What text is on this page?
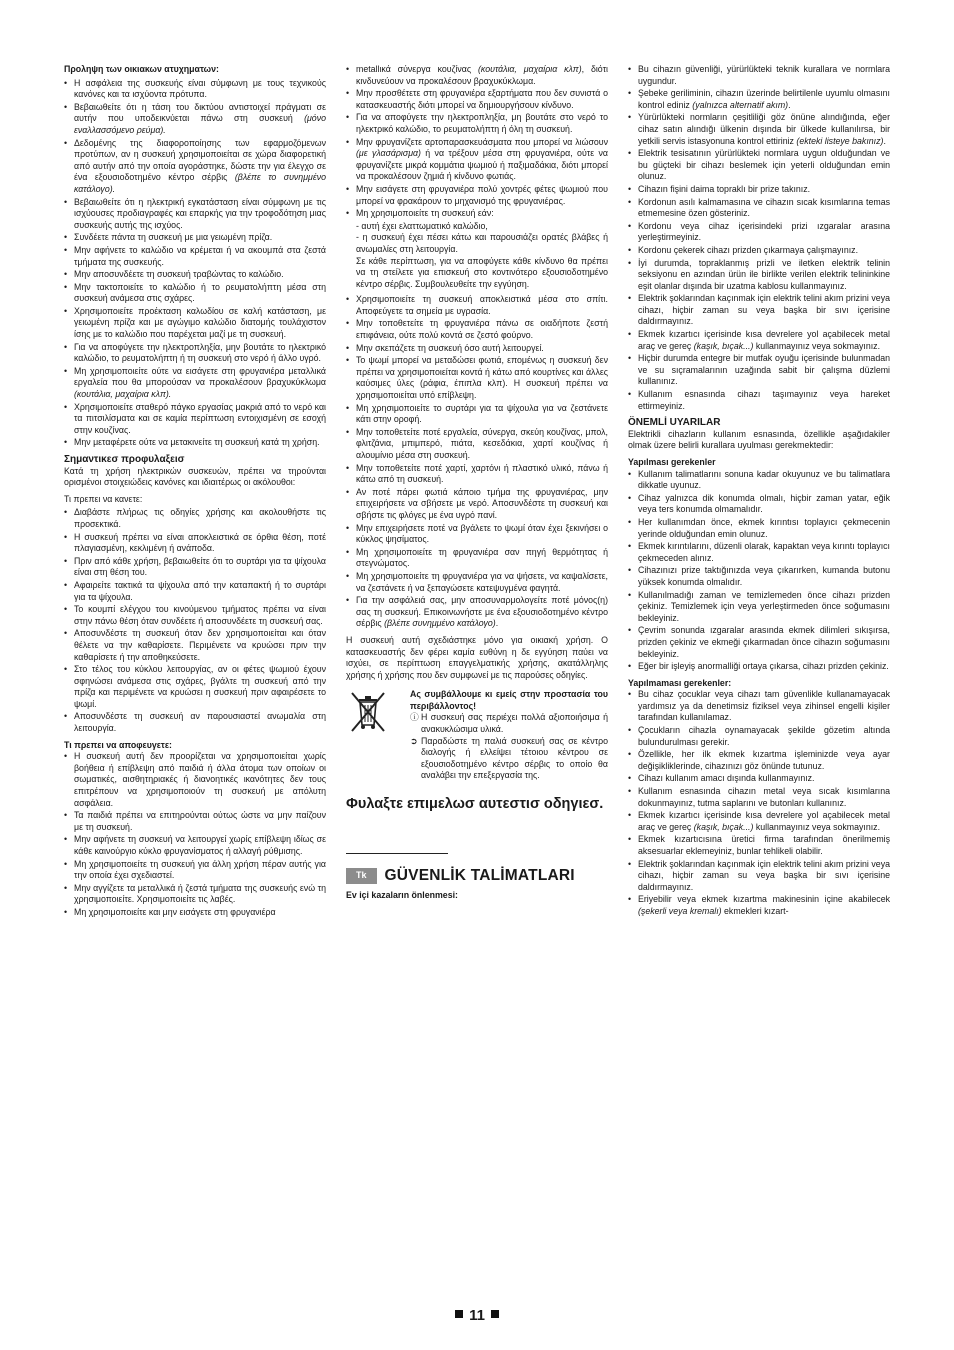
Προληψη των οικιακων ατυχηματων:
• Η ασφάλεια της συσκευής είναι σύμφωνη με τους τεχνικούς κανόνες και τα ισχύοντα πρότυπα.
• Βεβαιωθείτε ότι η τάση του δικτύου αντιστοιχεί πράγματι σε αυτήν που υποδεικνύεται πάνω στη συσκευή (μόνο εναλλασσόμενο ρεύμα).
• Δεδομένης της διαφοροποίησης των εφαρμοζόμενων προτύπων, αν η συσκευή χρησιμοποιείται σε χώρα διαφορετική από αυτήν από την οποία αγοράστηκε, δώστε την για έλεγχο σε ένα εξουσιοδοτημένο κέντρο σέρβις (βλέπε το συνημμένο κατάλογο).
• Βεβαιωθείτε ότι η ηλεκτρική εγκατάσταση είναι σύμφωνη με τις ισχύουσες προδιαγραφές και επαρκής για την τροφοδότηση μιας συσκευής αυτής της ισχύος.
• Συνδέετε πάντα τη συσκευή με μια γειωμένη πρίζα.
• Μην αφήνετε το καλώδιο να κρέμεται ή να ακουμπά στα ζεστά τμήματα της συσκευής.
• Μην αποσυνδέετε τη συσκευή τραβώντας το καλώδιο.
• Μην τακτοποιείτε το καλώδιο ή το ρευματολήπτη μέσα στη συσκευή ανάμεσα στις σχάρες.
• Χρησιμοποιείτε προέκταση καλωδίου σε καλή κατάσταση, με γειωμένη πρίζα και με αγώγιμο καλώδιο διατομής τουλάχιστον ίσης με το καλώδιο που παρέχεται μαζί με τη συσκευή.
• Για να αποφύγετε την ηλεκτροπληξία, μην βουτάτε το ηλεκτρικό καλώδιο, το ρευματολήπτη ή τη συσκευή στο νερό ή άλλο υγρό.
• Μη χρησιμοποιείτε ούτε να εισάγετε στη φρυγανιέρα μεταλλικά εργαλεία που θα μπορούσαν να προκαλέσουν βραχυκύκλωμα (κουτάλια, μαχαίρια κλπ).
• Χρησιμοποιείτε σταθερό πάγκο εργασίας μακριά από το νερό και τα πιτσιλίσματα και σε καμία περίπτωση εντοιχισμένη σε εσοχή στην κουζίνας.
• Μην μεταφέρετε ούτε να μετακινείτε τη συσκευή κατά τη χρήση.
Σημαντικεσ προφυλαξεισ

Κατά τη χρήση ηλεκτρικών συσκευών, πρέπει να τηρούνται ορισμένοι στοιχειώδεις κανόνες και ιδιαιτέρως οι ακόλουθοι:

Τι πρεπει να κανετε:

• Διαβάστε πλήρως τις οδηγίες χρήσης και ακολουθήστε τις προσεκτικά.
• Η συσκευή πρέπει να είναι αποκλειστικά σε όρθια θέση, ποτέ πλαγιασμένη, κεκλιμένη ή ανάποδα.
• Πριν από κάθε χρήση, βεβαιωθείτε ότι το συρτάρι για τα ψίχουλα είναι στη θέση του.
• Αφαιρείτε τακτικά τα ψίχουλα από την καταπακτή ή το συρτάρι για τα ψίχουλα.
• Το κουμπί ελέγχου του κινούμενου τμήματος πρέπει να είναι στην πάνω θέση όταν συνδέετε ή αποσυνδέετε τη συσκευή σας.
• Αποσυνδέστε τη συσκευή όταν δεν χρησιμοποιείται και όταν θέλετε να την καθαρίσετε. Περιμένετε να κρυώσει πριν την καθαρίσετε ή την αποθηκεύσετε.
• Στο τέλος του κύκλου λειτουργίας, αν οι φέτες ψωμιού έχουν σφηνώσει ανάμεσα στις σχάρες, βγάλτε τη συσκευή από την πρίζα και περιμένετε να κρυώσει η συσκευή πριν αφαιρέσετε το ψωμί.
• Αποσυνδέστε τη συσκευή αν παρουσιαστεί ανωμαλία στη λειτουργία.
Τι πρεπει να αποφευγετε:
• Η συσκευή αυτή δεν προορίζεται να χρησιμοποιείται χωρίς βοήθεια ή επίβλεψη από παιδιά ή άλλα άτομα των οποίων οι σωματικές, αισθητηριακές ή διανοητικές ικανότητες δεν τους επιτρέπουν να χρησιμοποιούν τη συσκευή με απόλυτη ασφάλεια.
• Τα παιδιά πρέπει να επιτηρούνται ούτως ώστε να μην παίζουν με τη συσκευή.
• Μην αφήνετε τη συσκευή να λειτουργεί χωρίς επίβλεψη ιδίως σε κάθε καινούργιο κύκλο φρυγανίσματος ή αλλαγή ρύθμισης.
• Μη χρησιμοποιείτε τη συσκευή για άλλη χρήση πέραν αυτής για την οποία έχει σχεδιαστεί.
• Μην αγγίζετε τα μεταλλικά ή ζεστά τμήματα της συσκευής ενώ τη χρησιμοποιείτε. Χρησιμοποιείτε τις λαβές.
• Μη χρησιμοποιείτε και μην εισάγετε στη φρυγανιέρα
• metallικά σύνεργα κουζίνας (κουτάλια, μαχαίρια κλπ), διότι κινδυνεύουν να προκαλέσουν βραχυκύκλωμα.
• Μην προσθέτετε στη φρυγανιέρα εξαρτήματα που δεν συνιστά ο κατασκευαστής διότι μπορεί να δημιουργήσουν κίνδυνο.
• Για να αποφύγετε την ηλεκτροπληξία, μη βουτάτε στο νερό το ηλεκτρικό καλώδιο, το ρευματολήπτη ή όλη τη συσκευή.
• Μην φρυγανίζετε αρτοπαρασκευάσματα που μπορεί να λιώσουν (με γλασάρισμα) ή να τρέξουν μέσα στη φρυγανιέρα, ούτε να φρυγανίζετε μικρά κομμάτια ψωμιού ή παξιμαδάκια, διότι μπορεί να προκαλέσουν ζημιά ή κίνδυνο φωτιάς.
• Μην εισάγετε στη φρυγανιέρα πολύ χοντρές φέτες ψωμιού που μπορεί να φρακάρουν το μηχανισμό της φρυγανιέρας.
• Μη χρησιμοποιείτε τη συσκευή εάν:
- αυτή έχει ελαττωματικό καλώδιο,
- η συσκευή έχει πέσει κάτω και παρουσιάζει ορατές βλάβες ή ανωμαλίες στη λειτουργία.
Σε κάθε περίπτωση, για να αποφύγετε κάθε κίνδυνο θα πρέπει να τη στείλετε για επισκευή στο κοντινότερο εξουσιοδοτημένο κέντρο σέρβις. Συμβουλευθείτε την εγγύηση.
• Χρησιμοποιείτε τη συσκευή αποκλειστικά μέσα στο σπίτι. Αποφεύγετε τα σημεία με υγρασία.
• Μην τοποθετείτε τη φρυγανιέρα πάνω σε οιαδήποτε ζεστή επιφάνεια, ούτε πολύ κοντά σε ζεστό φούρνο.
• Μην σκεπάζετε τη συσκευή όσο αυτή λειτουργεί.
• Το ψωμί μπορεί να μεταδώσει φωτιά, επομένως η συσκευή δεν πρέπει να χρησιμοποιείται κοντά ή κάτω από κουρτίνες και άλλες καύσιμες ύλες (ράφια, έπιπλα κλπ). Η συσκευή πρέπει να χρησιμοποιείται υπό επίβλεψη.
• Μη χρησιμοποιείτε το συρτάρι για τα ψίχουλα για να ζεστάνετε κάτι στην οροφή.
• Μην τοποθετείτε ποτέ εργαλεία, σύνεργα, σκεύη κουζίνας, μπολ, φλιτζάνια, μπιμπερό, πιάτα, κεσεδάκια, χαρτί κουζίνας ή αλουμίνιο μέσα στη συσκευή.
• Μην τοποθετείτε ποτέ χαρτί, χαρτόνι ή πλαστικό υλικό, πάνω ή κάτω από τη συσκευή.
• Αν ποτέ πάρει φωτιά κάποιο τμήμα της φρυγανιέρας, μην επιχειρήσετε να σβήσετε με νερό. Αποσυνδέστε τη συσκευή και σβήστε τις φλόγες με ένα υγρό πανί.
• Μην επιχειρήσετε ποτέ να βγάλετε το ψωμί όταν έχει ξεκινήσει ο κύκλος ψησίματος.
• Μη χρησιμοποιείτε τη φρυγανιέρα σαν πηγή θερμότητας ή στεγνώματος.
• Μη χρησιμοποιείτε τη φρυγανιέρα για να ψήσετε, να καψαλίσετε, να ζεστάνετε ή να ξεπαγώσετε κατεψυγμένα φαγητά.
• Για την ασφάλειά σας, μην αποσυναρμολογείτε ποτέ μόνος(η) σας τη συσκευή. Επικοινωνήστε με ένα εξουσιοδοτημένο κέντρο σέρβις (βλέπε συνημμένο κατάλογο).

Η συσκευή αυτή σχεδιάστηκε μόνο για οικιακή χρήση. Ο κατασκευαστής δεν φέρει καμία ευθύνη η δε εγγύηση παύει να ισχύει, σε περίπτωση επαγγελματικής χρήσης, ακατάλληλης χρήσης ή χρήσης που δεν συμφωνεί με τις παρούσες οδηγίες.

Ας συμβάλλουμε κι εμείς στην προστασία του περιβάλλοντος!
ⓘ Η συσκευή σας περιέχει πολλά αξιοποιήσιμα ή ανακυκλώσιμα υλικά.
➲ Παραδώστε τη παλιά συσκευή σας σε κέντρο διαλογής ή ελλείψει τέτοιου κέντρου σε εξουσιοδοτημένο κέντρο σέρβις το οποίο θα αναλάβει την επεξεργασία της.
Φυλαξτε επιμελωσ αυτεστισ οδηγιεσ.
Tk	GÜVENLİK TALİMATLARI
Ev içi kazaların önlenmesi:
• Bu cihazın güvenliği, yürürlükteki teknik kurallara ve normlara uygundur.
• Şebeke geriliminin, cihazın üzerinde belirtilenle uyumlu olmasını kontrol ediniz (yalnızca alternatif akım).
• Yürürlükteki normların çeşitliliği göz önüne alındığında, eğer cihaz satın alındığı ülkenin dışında bir ülkede kullanılırsa, bir yetkili servis istasyonuna kontrol ettiriniz (ekteki listeye bakınız).
• Elektrik tesisatının yürürlükteki normlara uygun olduğundan ve bu güçteki bir cihazı beslemek için yeterli olduğundan emin olunuz.
• Cihazın fişini daima topraklı bir prize takınız.
• Kordonun asılı kalmamasına ve cihazın sıcak kısımlarına temas etmemesine özen gösteriniz.
• Kordonu veya cihaz içerisindeki prizi ızgaralar arasına yerleştirmeyiniz.
• Kordonu çekerek cihazı prizden çıkarmaya çalışmayınız.
• İyi durumda, topraklanmış prizli ve iletken elektrik telinin seksiyonu en azından ürün ile birlikte verilen elektrik telininkine eşit olanlar dışında bir uzatma kablosu kullanmayınız.
• Elektrik şoklarından kaçınmak için elektrik telini akım prizini veya cihazı, hiçbir zaman su veya başka bir sıvı içerisine daldırmayınız.
• Ekmek kızartıcı içerisinde kısa devrelere yol açabilecek metal araç ve gereç (kaşık, bıçak...) kullanmayınız veya sokmayınız.
• Hiçbir durumda entegre bir mutfak oyuğu içerisinde bulunmadan ve su sıçramalarının uzağında sabit bir çalışma düzlemi kullanınız.
• Kullanım esnasında cihazı taşımayınız veya hareket ettirmeyiniz.
ÖNEMLİ UYARILAR

Elektrikli cihazların kullanım esnasında, özellikle aşağıdakiler olmak üzere belirli kurallara uyulması gerekmektedir:

Yapılması gerekenler
• Kullanım talimatlarını sonuna kadar okuyunuz ve bu talimatlara dikkatle uyunuz.
• Cihaz yalnızca dik konumda olmalı, hiçbir zaman yatar, eğik veya ters konumda olmamalıdır.
• Her kullanımdan önce, ekmek kırıntısı toplayıcı çekmecenin yerinde olduğundan emin olunuz.
• Ekmek kırıntılarını, düzenli olarak, kapaktan veya kırıntı toplayıcı çekmeceden alınız.
• Cihazınızı prize taktığınızda veya çıkarırken, kumanda butonu yüksek konumda olmalıdır.
• Kullanılmadığı zaman ve temizlemeden önce cihazı prizden çekiniz. Temizlemek için veya yerleştirmeden önce soğumasını bekleyiniz.
• Çevrim sonunda ızgaralar arasında ekmek dilimleri sıkışırsa, prizden çekiniz ve ekmeği çıkarmadan önce cihazın soğumasını bekleyiniz.
• Eğer bir işleyiş anormalliği ortaya çıkarsa, cihazı prizden çekiniz.
Yapılmaması gerekenler:
• Bu cihaz çocuklar veya cihazı tam güvenlikle kullanamayacak yardımsız ya da denetimsiz fiziksel veya zihinsel engelli kişiler tarafından kullanılamaz.
• Çocukların cihazla oynamayacak şekilde gözetim altında bulundurulması gerekir.
• Özellikle, her ilk ekmek kızartma işleminizde veya ayar değişikliklerinde, cihazınızı göz önünde tutunuz.
• Cihazı kullanım amacı dışında kullanmayınız.
• Kullanım esnasında cihazın metal veya sıcak kısımlarına dokunmayınız, tutma saplarını ve butonları kullanınız.
• Ekmek kızartıcı içerisinde kısa devrelere yol açabilecek metal araç ve gereç (kaşık, bıçak...) kullanmayınız veya sokmayınız.
• Ekmek kızartıcısına üretici firma tarafından önerilmemiş aksesuarlar eklemeyiniz, bunlar tehlikeli olabilir.
• Elektrik şoklarından kaçınmak için elektrik telini akım prizini veya cihazı, hiçbir zaman su veya başka bir sıvı içerisine daldırmayınız.
• Eriyebilir veya ekmek kızartma makinesinin içine akabilecek (şekerli veya kremalı) ekmekleri kızart-
11
